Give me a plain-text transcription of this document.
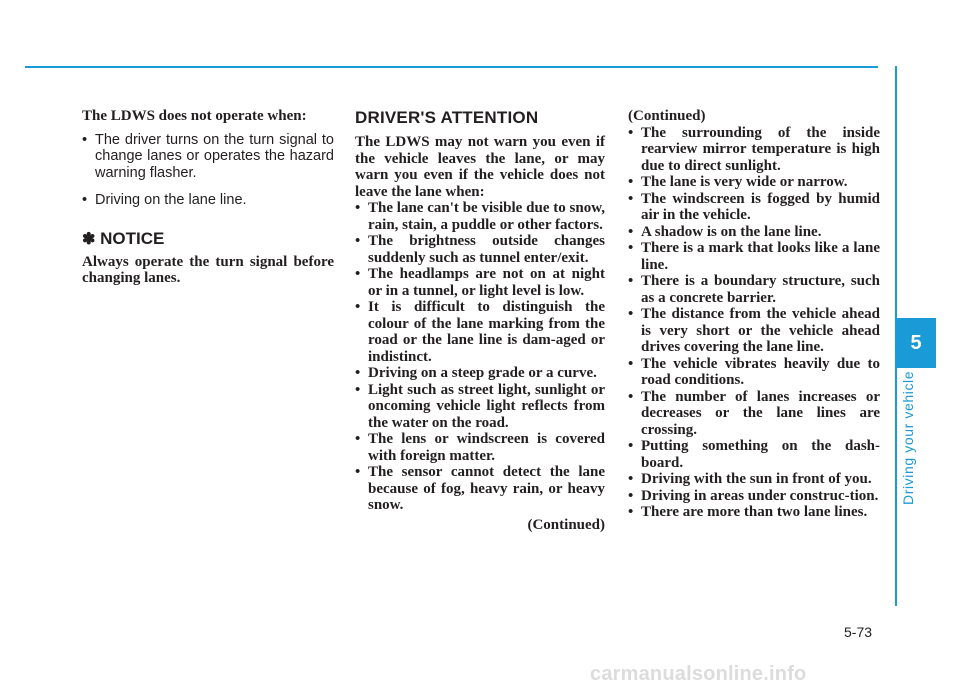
5
Driving your vehicle

The LDWS does not operate when:

• The driver turns on the turn signal to change lanes or operates the hazard warning flasher.
• Driving on the lane line.
✽ NOTICE

Always operate the turn signal before changing lanes.

DRIVER'S ATTENTION

The LDWS may not warn you even if the vehicle leaves the lane, or may warn you even if the vehicle does not leave the lane when:

• The lane can't be visible due to snow, rain, stain, a puddle or other factors.
• The brightness outside changes suddenly such as tunnel enter/exit.
• The headlamps are not on at night or in a tunnel, or light level is low.
• It is difficult to distinguish the colour of the lane marking from the road or the lane line is dam-aged or indistinct.
• Driving on a steep grade or a curve.
• Light such as street light, sunlight or oncoming vehicle light reflects from the water on the road.
• The lens or windscreen is covered with foreign matter.
• The sensor cannot detect the lane because of fog, heavy rain, or heavy snow.

(Continued)

(Continued)

• The surrounding of the inside rearview mirror temperature is high due to direct sunlight.
• The lane is very wide or narrow.
• The windscreen is fogged by humid air in the vehicle.
• A shadow is on the lane line.
• There is a mark that looks like a lane line.
• There is a boundary structure, such as a concrete barrier.
• The distance from the vehicle ahead is very short or the vehicle ahead drives covering the lane line.
• The vehicle vibrates heavily due to road conditions.
• The number of lanes increases or decreases or the lane lines are crossing.
• Putting something on the dash-board.
• Driving with the sun in front of you.
• Driving in areas under construc-tion.
• There are more than two lane lines.
5-73
carmanualsonline.info
